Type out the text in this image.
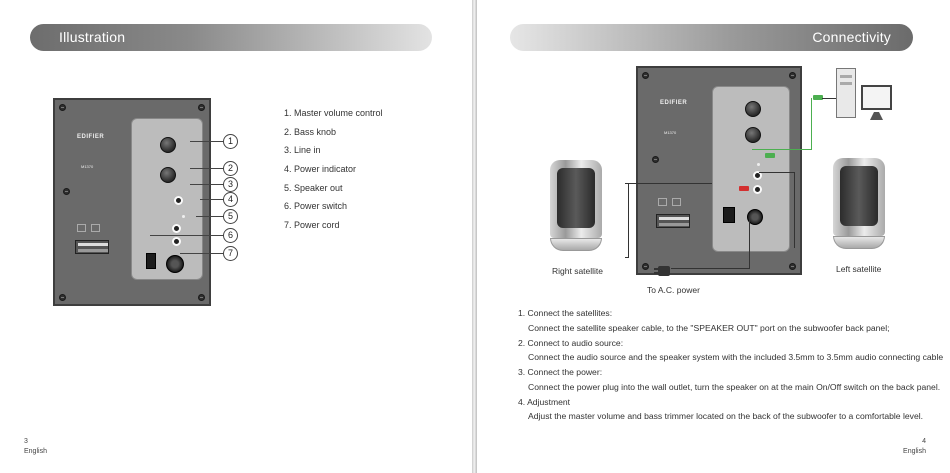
Illustration
EDIFIER
M1370
1
2
3
4
5
6
7
1. Master volume control
2. Bass knob
3. Line in
4. Power indicator
5. Speaker out
6. Power switch
7. Power cord
3
English
Connectivity
EDIFIER
M1370
Right satellite	Left satellite
To A.C. power
1. Connect the satellites:
Connect the satellite speaker cable, to the "SPEAKER OUT" port on the subwoofer back panel;
2. Connect to audio source:
Connect the audio source and the speaker system with the included 3.5mm to 3.5mm audio connecting cable
3. Connect the power:
Connect the power plug into the wall outlet, turn the speaker on at the main On/Off switch on the back panel.
4. Adjustment
Adjust the master volume and bass trimmer located on the back of the subwoofer to a comfortable level.
4
English
